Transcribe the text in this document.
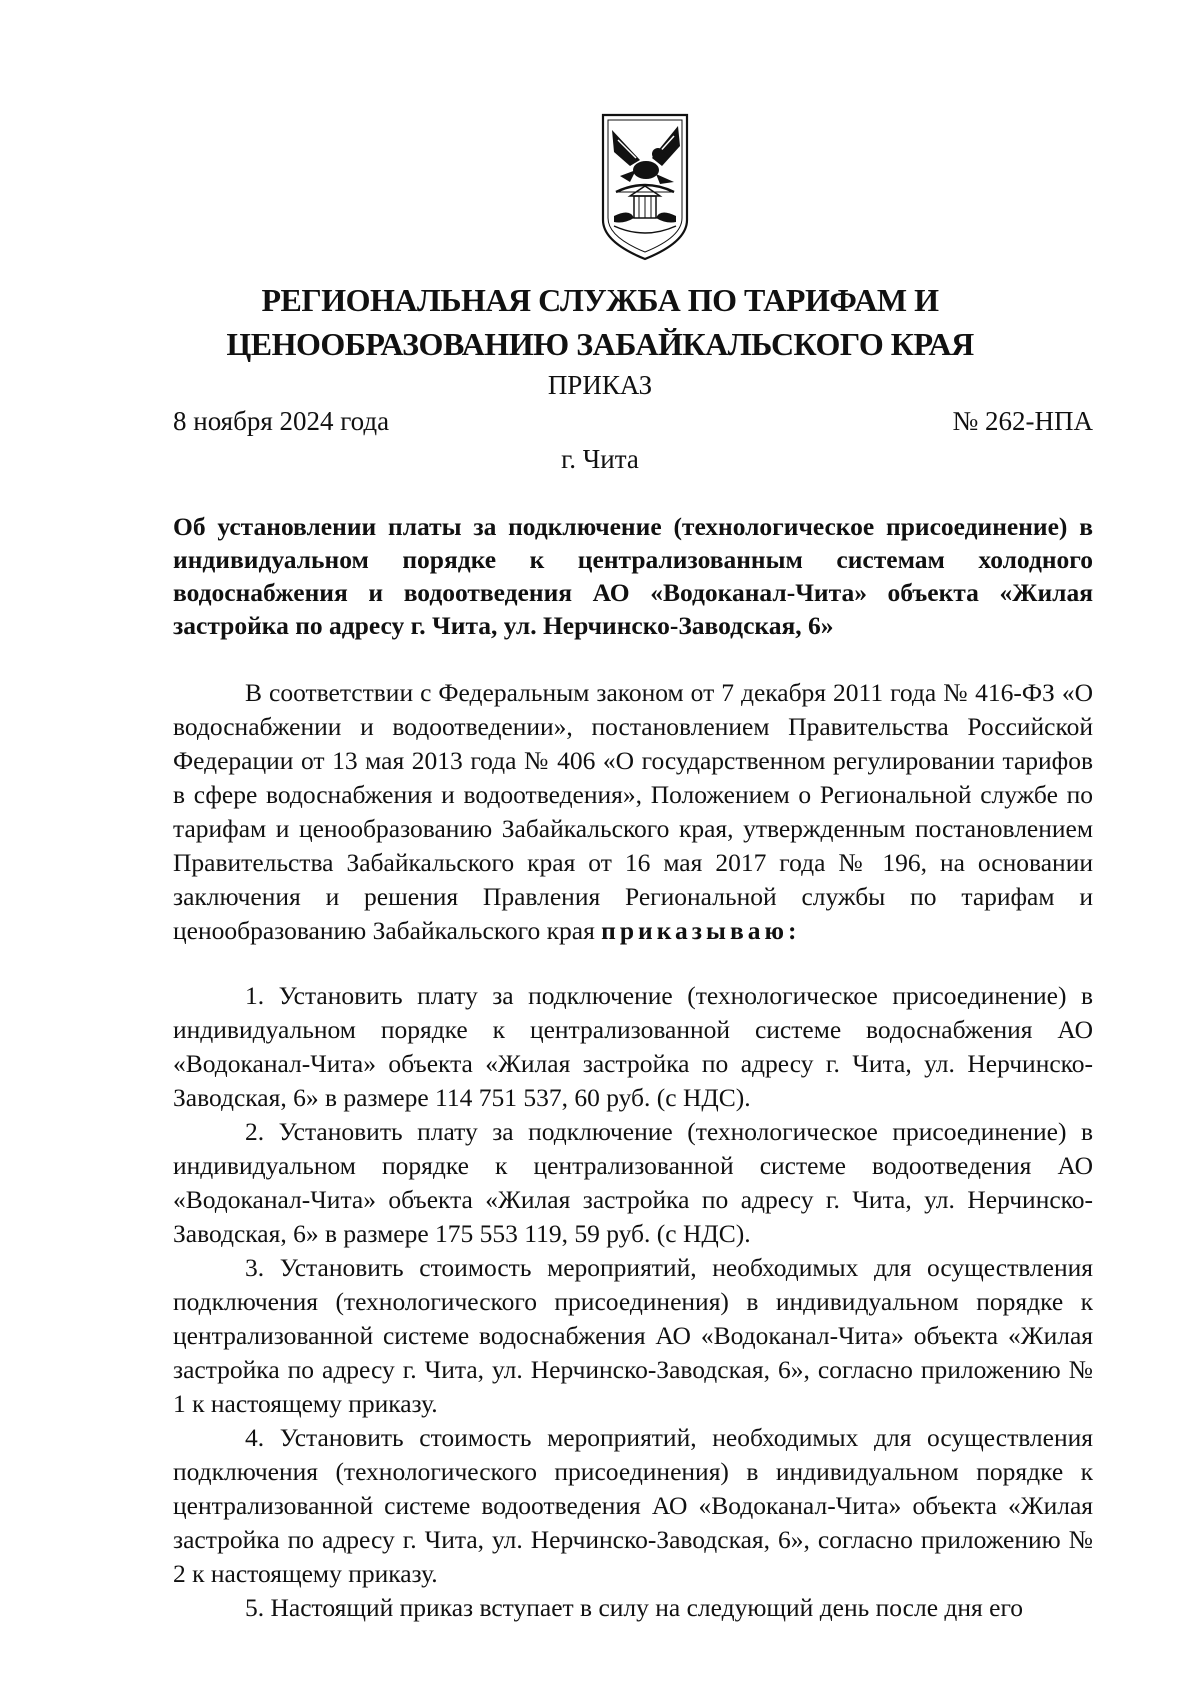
РЕГИОНАЛЬНАЯ СЛУЖБА ПО ТАРИФАМ И
ЦЕНООБРАЗОВАНИЮ ЗАБАЙКАЛЬСКОГО КРАЯ
ПРИКАЗ
8 ноября 2024 года	№ 262-НПА
г. Чита
Об установлении платы за подключение (технологическое присоединение) в индивидуальном порядке к централизованным системам холодного водоснабжения и водоотведения АО «Водоканал-Чита» объекта «Жилая застройка по адресу г. Чита, ул. Нерчинско-Заводская, 6»

В соответствии с Федеральным законом от 7 декабря 2011 года № 416-ФЗ «О водоснабжении и водоотведении», постановлением Правительства Российской Федерации от 13 мая 2013 года № 406 «О государственном регулировании тарифов в сфере водоснабжения и водоотведения», Положением о Региональной службе по тарифам и ценообразованию Забайкальского края, утвержденным постановлением Правительства Забайкальского края от 16 мая 2017 года № 196, на основании заключения и решения Правления Региональной службы по тарифам и ценообразованию Забайкальского края приказываю:

1. Установить плату за подключение (технологическое присоединение) в индивидуальном порядке к централизованной системе водоснабжения АО «Водоканал-Чита» объекта «Жилая застройка по адресу г. Чита, ул. Нерчинско-Заводская, 6» в размере 114 751 537, 60 руб. (с НДС).

2. Установить плату за подключение (технологическое присоединение) в индивидуальном порядке к централизованной системе водоотведения АО «Водоканал-Чита» объекта «Жилая застройка по адресу г. Чита, ул. Нерчинско-Заводская, 6» в размере 175 553 119, 59 руб. (с НДС).

3. Установить стоимость мероприятий, необходимых для осуществления подключения (технологического присоединения) в индивидуальном порядке к централизованной системе водоснабжения АО «Водоканал-Чита» объекта «Жилая застройка по адресу г. Чита, ул. Нерчинско-Заводская, 6», согласно приложению № 1 к настоящему приказу.

4. Установить стоимость мероприятий, необходимых для осуществления подключения (технологического присоединения) в индивидуальном порядке к централизованной системе водоотведения АО «Водоканал-Чита» объекта «Жилая застройка по адресу г. Чита, ул. Нерчинско-Заводская, 6», согласно приложению № 2 к настоящему приказу.

5. Настоящий приказ вступает в силу на следующий день после дня его
